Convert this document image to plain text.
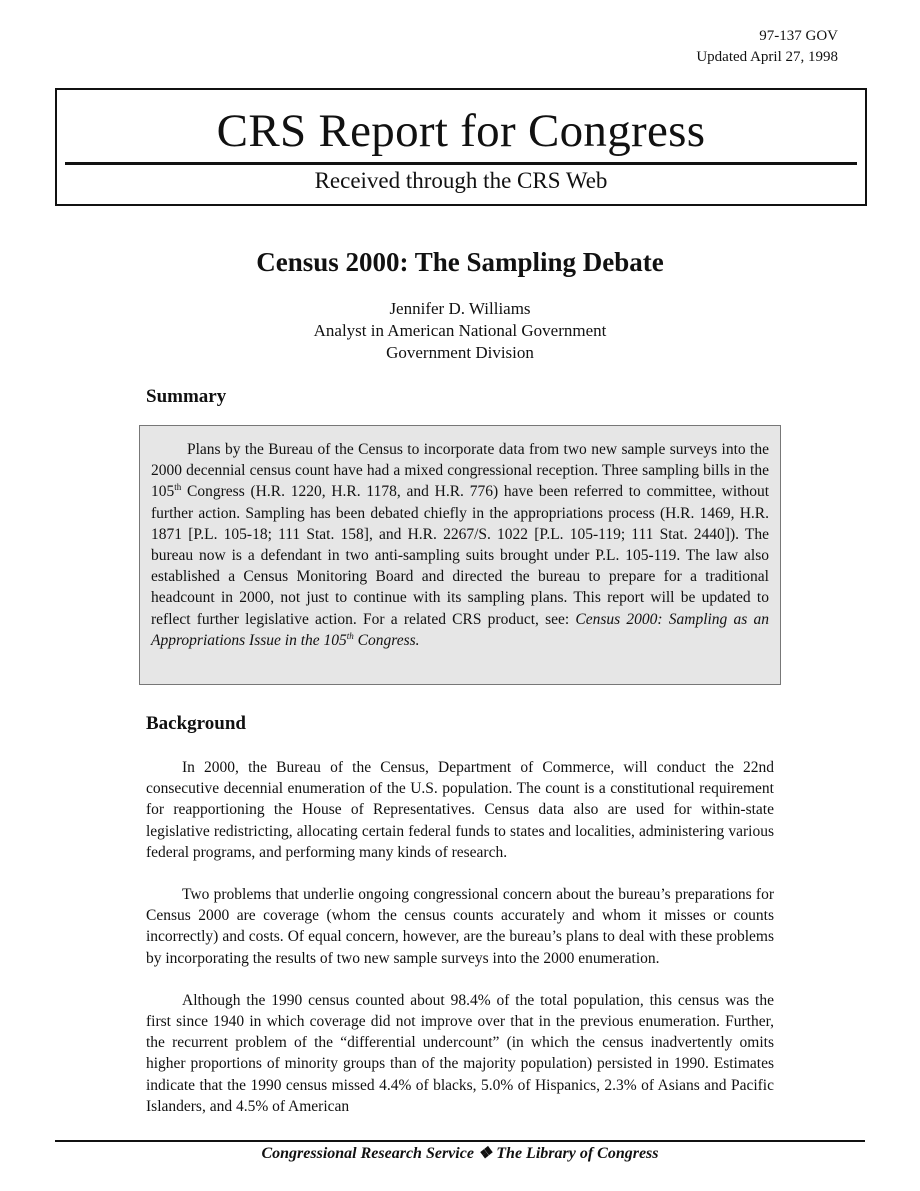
97-137 GOV
Updated April 27, 1998
CRS Report for Congress
Received through the CRS Web
Census 2000: The Sampling Debate
Jennifer D. Williams
Analyst in American National Government
Government Division
Summary

Plans by the Bureau of the Census to incorporate data from two new sample surveys into the 2000 decennial census count have had a mixed congressional reception. Three sampling bills in the 105th Congress (H.R. 1220, H.R. 1178, and H.R. 776) have been referred to committee, without further action. Sampling has been debated chiefly in the appropriations process (H.R. 1469, H.R. 1871 [P.L. 105-18; 111 Stat. 158], and H.R. 2267/S. 1022 [P.L. 105-119; 111 Stat. 2440]). The bureau now is a defendant in two anti-sampling suits brought under P.L. 105-119. The law also established a Census Monitoring Board and directed the bureau to prepare for a traditional headcount in 2000, not just to continue with its sampling plans. This report will be updated to reflect further legislative action. For a related CRS product, see: Census 2000: Sampling as an Appropriations Issue in the 105th Congress.

Background

In 2000, the Bureau of the Census, Department of Commerce, will conduct the 22nd consecutive decennial enumeration of the U.S. population. The count is a constitutional requirement for reapportioning the House of Representatives. Census data also are used for within-state legislative redistricting, allocating certain federal funds to states and localities, administering various federal programs, and performing many kinds of research.

Two problems that underlie ongoing congressional concern about the bureau’s preparations for Census 2000 are coverage (whom the census counts accurately and whom it misses or counts incorrectly) and costs. Of equal concern, however, are the bureau’s plans to deal with these problems by incorporating the results of two new sample surveys into the 2000 enumeration.

Although the 1990 census counted about 98.4% of the total population, this census was the first since 1940 in which coverage did not improve over that in the previous enumeration. Further, the recurrent problem of the “differential undercount” (in which the census inadvertently omits higher proportions of minority groups than of the majority population) persisted in 1990. Estimates indicate that the 1990 census missed 4.4% of blacks, 5.0% of Hispanics, 2.3% of Asians and Pacific Islanders, and 4.5% of American

Congressional Research Service ❖ The Library of Congress
